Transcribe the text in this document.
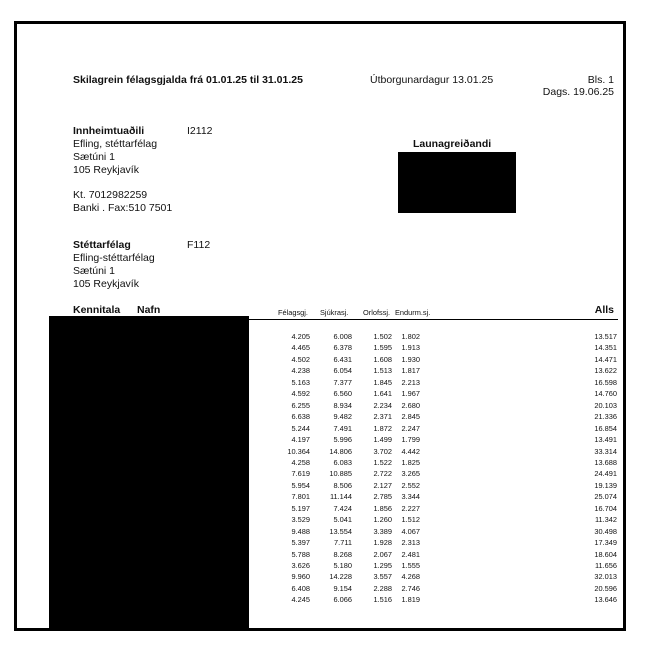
Skilagrein félagsgjalda frá 01.01.25 til 31.01.25	Útborgunardagur 13.01.25	Bls. 1
Dags. 19.06.25
Innheimtuaðili	I2112
Efling, stéttarfélag
Sætúni 1
105 Reykjavík
Kt. 7012982259
Banki . Fax:510 7501
Launagreiðandi
Stéttarfélag	F112
Efling-stéttarfélag
Sætúni 1
105 Reykjavík
Kennitala Nafn	Félagsgj. Sjúkrasj. Orlofssj. Endurm.sj.	Alls
4.205	6.008	1.502	1.802	13.517
4.465	6.378	1.595	1.913	14.351
4.502	6.431	1.608	1.930	14.471
4.238	6.054	1.513	1.817	13.622
5.163	7.377	1.845	2.213	16.598
4.592	6.560	1.641	1.967	14.760
6.255	8.934	2.234	2.680	20.103
6.638	9.482	2.371	2.845	21.336
5.244	7.491	1.872	2.247	16.854
4.197	5.996	1.499	1.799	13.491
10.364	14.806	3.702	4.442	33.314
4.258	6.083	1.522	1.825	13.688
7.619	10.885	2.722	3.265	24.491
5.954	8.506	2.127	2.552	19.139
7.801	11.144	2.785	3.344	25.074
5.197	7.424	1.856	2.227	16.704
3.529	5.041	1.260	1.512	11.342
9.488	13.554	3.389	4.067	30.498
5.397	7.711	1.928	2.313	17.349
5.788	8.268	2.067	2.481	18.604
3.626	5.180	1.295	1.555	11.656
9.960	14.228	3.557	4.268	32.013
6.408	9.154	2.288	2.746	20.596
4.245	6.066	1.516	1.819	13.646
